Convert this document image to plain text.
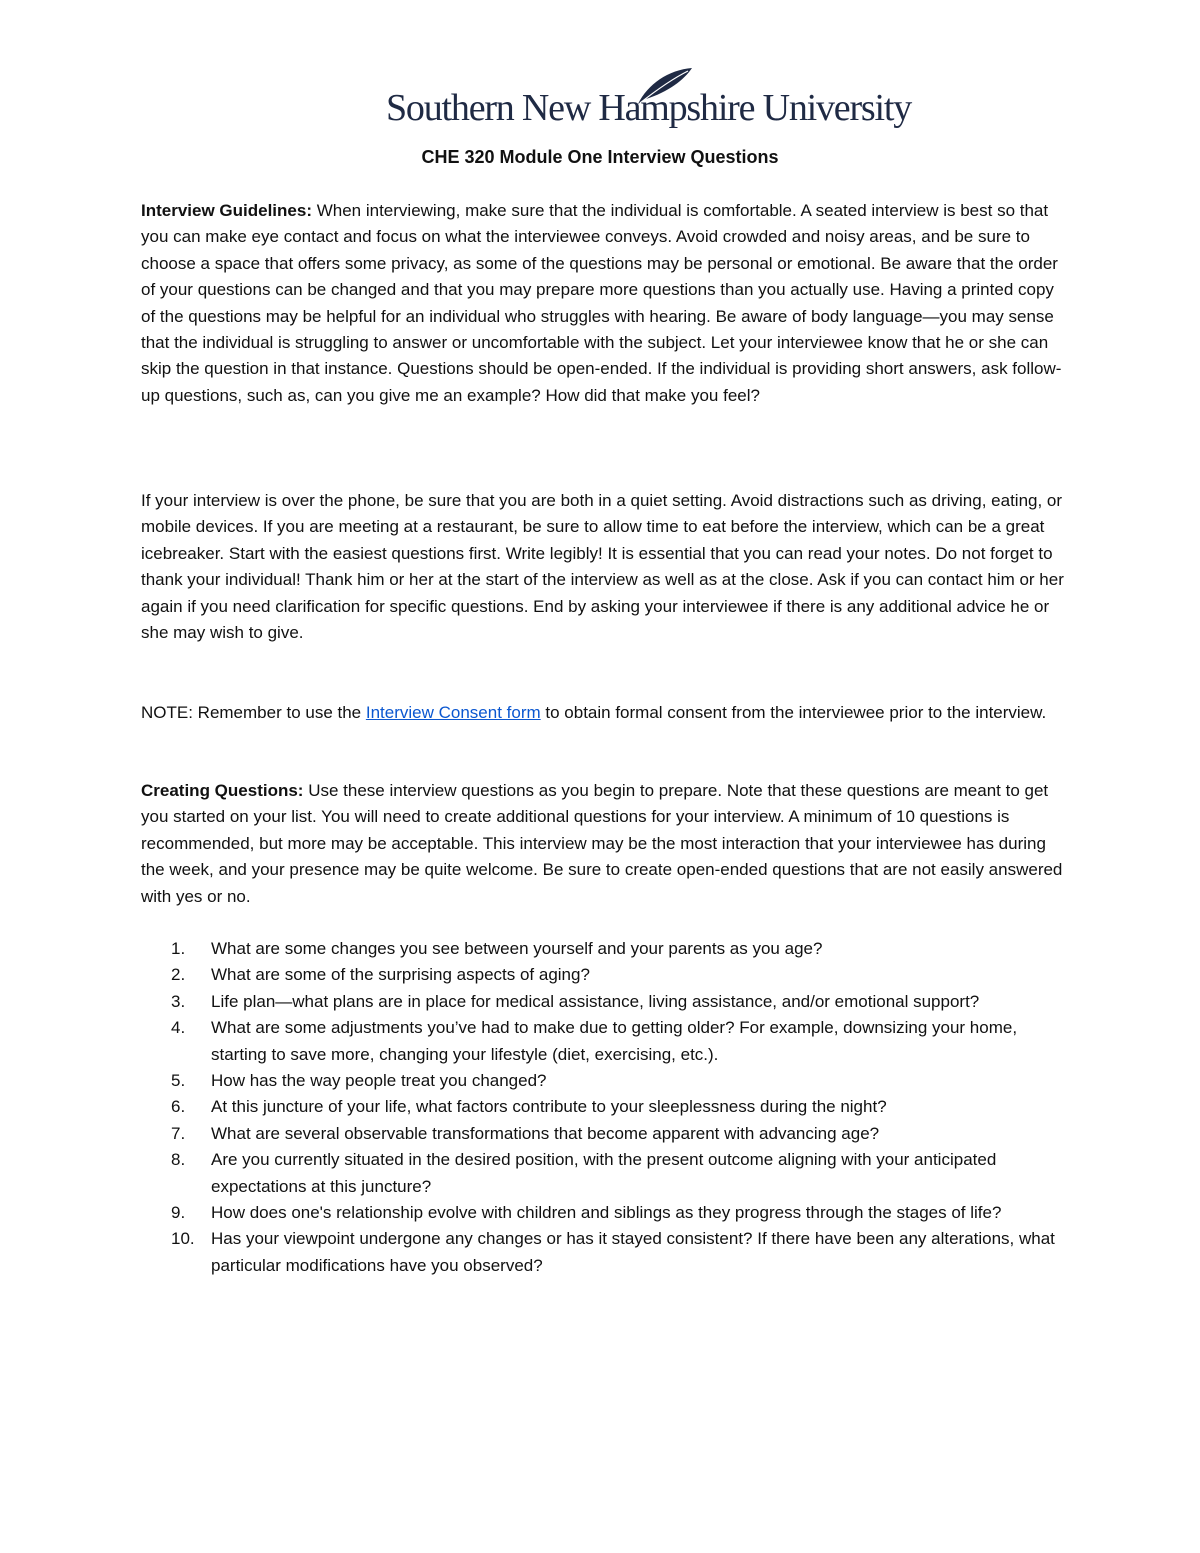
Southern New Hampshire University
CHE 320 Module One Interview Questions
Interview Guidelines: When interviewing, make sure that the individual is comfortable. A seated interview is best so that you can make eye contact and focus on what the interviewee conveys. Avoid crowded and noisy areas, and be sure to choose a space that offers some privacy, as some of the questions may be personal or emotional. Be aware that the order of your questions can be changed and that you may prepare more questions than you actually use. Having a printed copy of the questions may be helpful for an individual who struggles with hearing. Be aware of body language—you may sense that the individual is struggling to answer or uncomfortable with the subject. Let your interviewee know that he or she can skip the question in that instance. Questions should be open-ended. If the individual is providing short answers, ask follow-up questions, such as, can you give me an example? How did that make you feel?
If your interview is over the phone, be sure that you are both in a quiet setting. Avoid distractions such as driving, eating, or mobile devices. If you are meeting at a restaurant, be sure to allow time to eat before the interview, which can be a great icebreaker. Start with the easiest questions first. Write legibly! It is essential that you can read your notes. Do not forget to thank your individual! Thank him or her at the start of the interview as well as at the close. Ask if you can contact him or her again if you need clarification for specific questions. End by asking your interviewee if there is any additional advice he or she may wish to give.
NOTE: Remember to use the Interview Consent form to obtain formal consent from the interviewee prior to the interview.
Creating Questions: Use these interview questions as you begin to prepare. Note that these questions are meant to get you started on your list. You will need to create additional questions for your interview. A minimum of 10 questions is recommended, but more may be acceptable. This interview may be the most interaction that your interviewee has during the week, and your presence may be quite welcome. Be sure to create open-ended questions that are not easily answered with yes or no.
1.	What are some changes you see between yourself and your parents as you age?
2.	What are some of the surprising aspects of aging?
3.	Life plan—what plans are in place for medical assistance, living assistance, and/or emotional support?
4.	What are some adjustments you’ve had to make due to getting older? For example, downsizing your home, starting to save more, changing your lifestyle (diet, exercising, etc.).
5.	How has the way people treat you changed?
6.	At this juncture of your life, what factors contribute to your sleeplessness during the night?
7.	What are several observable transformations that become apparent with advancing age?
8.	Are you currently situated in the desired position, with the present outcome aligning with your anticipated expectations at this juncture?
9.	How does one's relationship evolve with children and siblings as they progress through the stages of life?
10. Has your viewpoint undergone any changes or has it stayed consistent? If there have been any alterations, what particular modifications have you observed?
